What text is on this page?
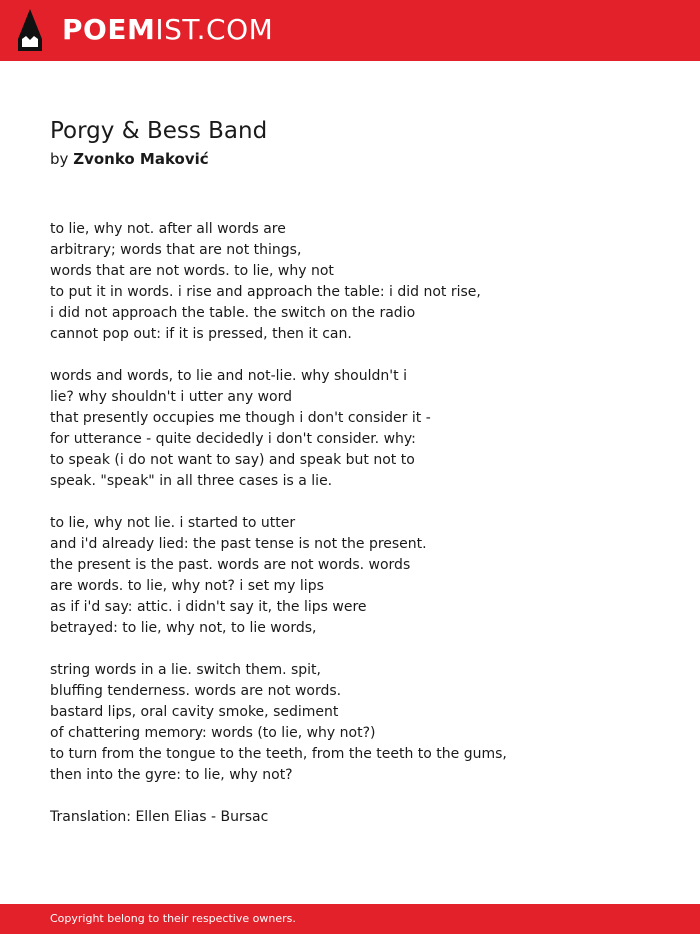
POEMIST.COM
Porgy & Bess Band
by Zvonko Maković
to lie, why not. after all words are
arbitrary; words that are not things,
words that are not words. to lie, why not
to put it in words. i rise and approach the table: i did not rise,
i did not approach the table. the switch on the radio
cannot pop out: if it is pressed, then it can.
words and words, to lie and not-lie. why shouldn't i
lie? why shouldn't i utter any word
that presently occupies me though i don't consider it -
for utterance - quite decidedly i don't consider. why:
to speak (i do not want to say) and speak but not to
speak. "speak" in all three cases is a lie.
to lie, why not lie. i started to utter
and i'd already lied: the past tense is not the present.
the present is the past. words are not words. words
are words. to lie, why not? i set my lips
as if i'd say: attic. i didn't say it, the lips were
betrayed: to lie, why not, to lie words,
string words in a lie. switch them. spit,
bluffing tenderness. words are not words.
bastard lips, oral cavity smoke, sediment
of chattering memory: words (to lie, why not?)
to turn from the tongue to the teeth, from the teeth to the gums,
then into the gyre: to lie, why not?
Translation: Ellen Elias - Bursac
Copyright belong to their respective owners.
